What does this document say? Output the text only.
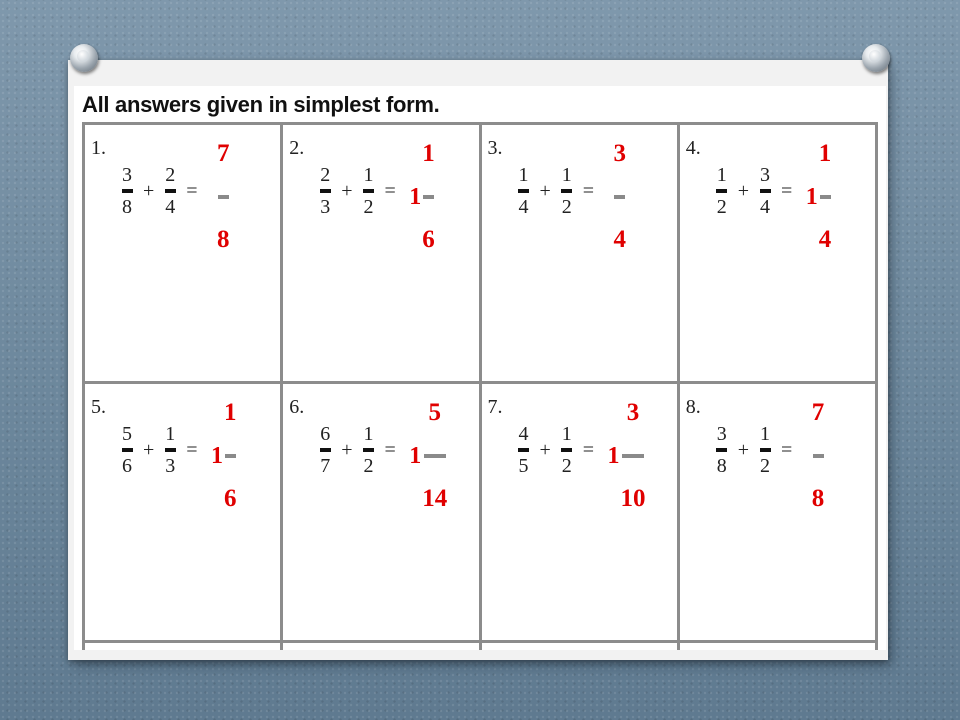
All answers given in simplest form.
1.
$\frac{3}{8} + \frac{2}{4}$ =
7
8
2.
$\frac{2}{3} + \frac{1}{2} = 1$
1
6
3.
$\frac{1}{4} + \frac{1}{2}$ =
3
4
4.
$\frac{1}{2} + \frac{3}{4} = 1$
1
4
5.
$\frac{5}{6} + \frac{1}{3} = 1$
1
6
6.
$\frac{6}{7} + \frac{1}{2} = 1$
5
14
7.
$\frac{4}{5} + \frac{1}{2} = 1$
3
10
8.
$\frac{3}{8} + \frac{1}{2}$ =
7
8
